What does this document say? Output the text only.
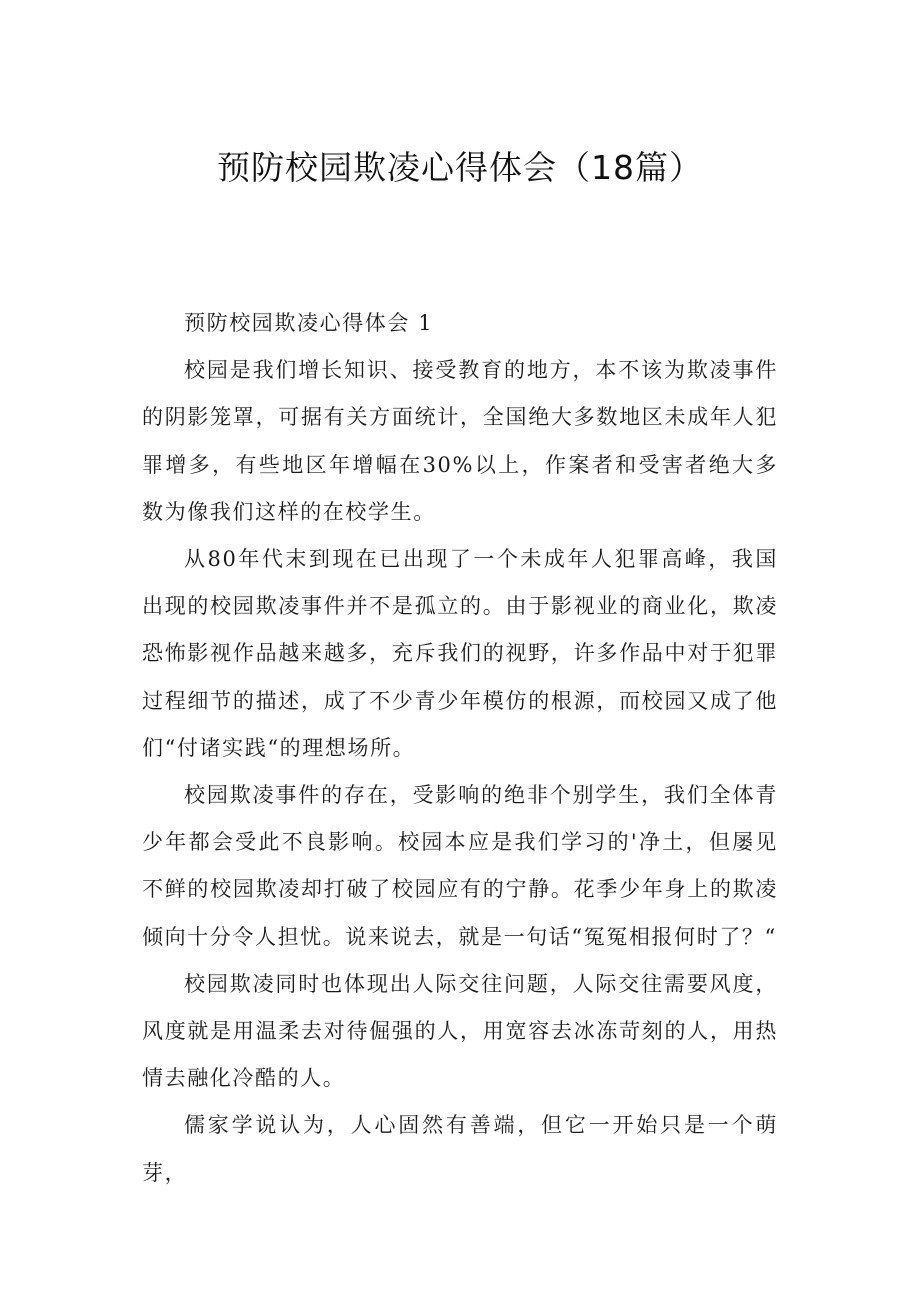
预防校园欺凌心得体会（18篇）

预防校园欺凌心得体会 1

校园是我们增长知识、接受教育的地方，本不该为欺凌事件的阴影笼罩，可据有关方面统计，全国绝大多数地区未成年人犯罪增多，有些地区年增幅在30%以上，作案者和受害者绝大多数为像我们这样的在校学生。

从80年代末到现在已出现了一个未成年人犯罪高峰，我国出现的校园欺凌事件并不是孤立的。由于影视业的商业化，欺凌恐怖影视作品越来越多，充斥我们的视野，许多作品中对于犯罪过程细节的描述，成了不少青少年模仿的根源，而校园又成了他们“付诸实践“的理想场所。

校园欺凌事件的存在，受影响的绝非个别学生，我们全体青少年都会受此不良影响。校园本应是我们学习的'净土，但屡见不鲜的校园欺凌却打破了校园应有的宁静。花季少年身上的欺凌倾向十分令人担忧。说来说去，就是一句话“冤冤相报何时了？“

校园欺凌同时也体现出人际交往问题，人际交往需要风度，风度就是用温柔去对待倔强的人，用宽容去冰冻苛刻的人，用热情去融化冷酷的人。

儒家学说认为，人心固然有善端，但它一开始只是一个萌芽，
